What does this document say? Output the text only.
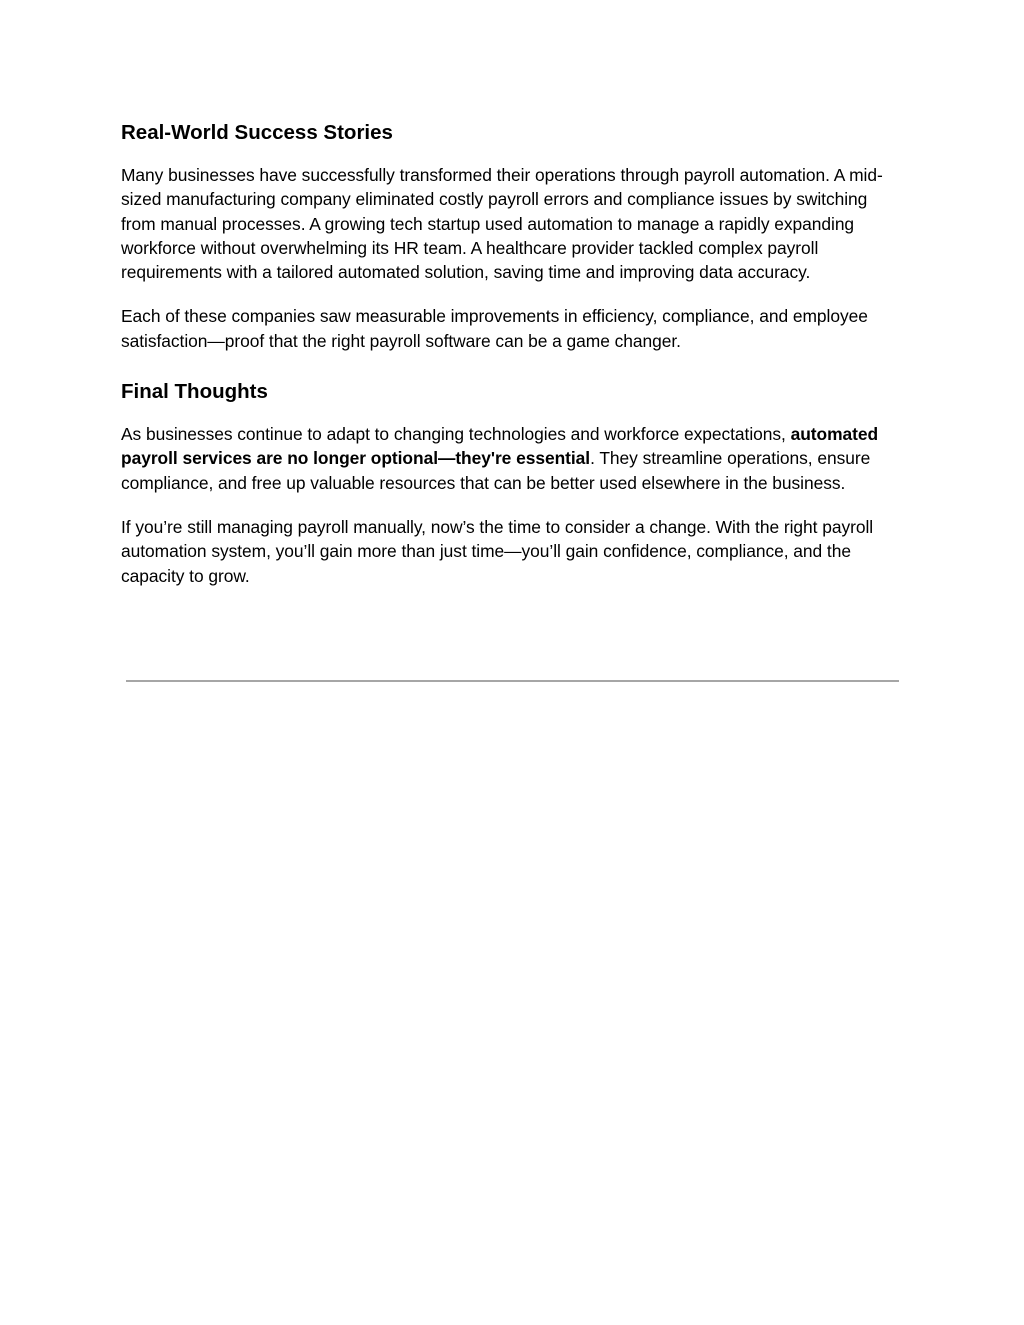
Real-World Success Stories

Many businesses have successfully transformed their operations through payroll automation. A mid-sized manufacturing company eliminated costly payroll errors and compliance issues by switching from manual processes. A growing tech startup used automation to manage a rapidly expanding workforce without overwhelming its HR team. A healthcare provider tackled complex payroll requirements with a tailored automated solution, saving time and improving data accuracy.

Each of these companies saw measurable improvements in efficiency, compliance, and employee satisfaction—proof that the right payroll software can be a game changer.

Final Thoughts

As businesses continue to adapt to changing technologies and workforce expectations, automated payroll services are no longer optional—they're essential. They streamline operations, ensure compliance, and free up valuable resources that can be better used elsewhere in the business.

If you’re still managing payroll manually, now’s the time to consider a change. With the right payroll automation system, you’ll gain more than just time—you’ll gain confidence, compliance, and the capacity to grow.
